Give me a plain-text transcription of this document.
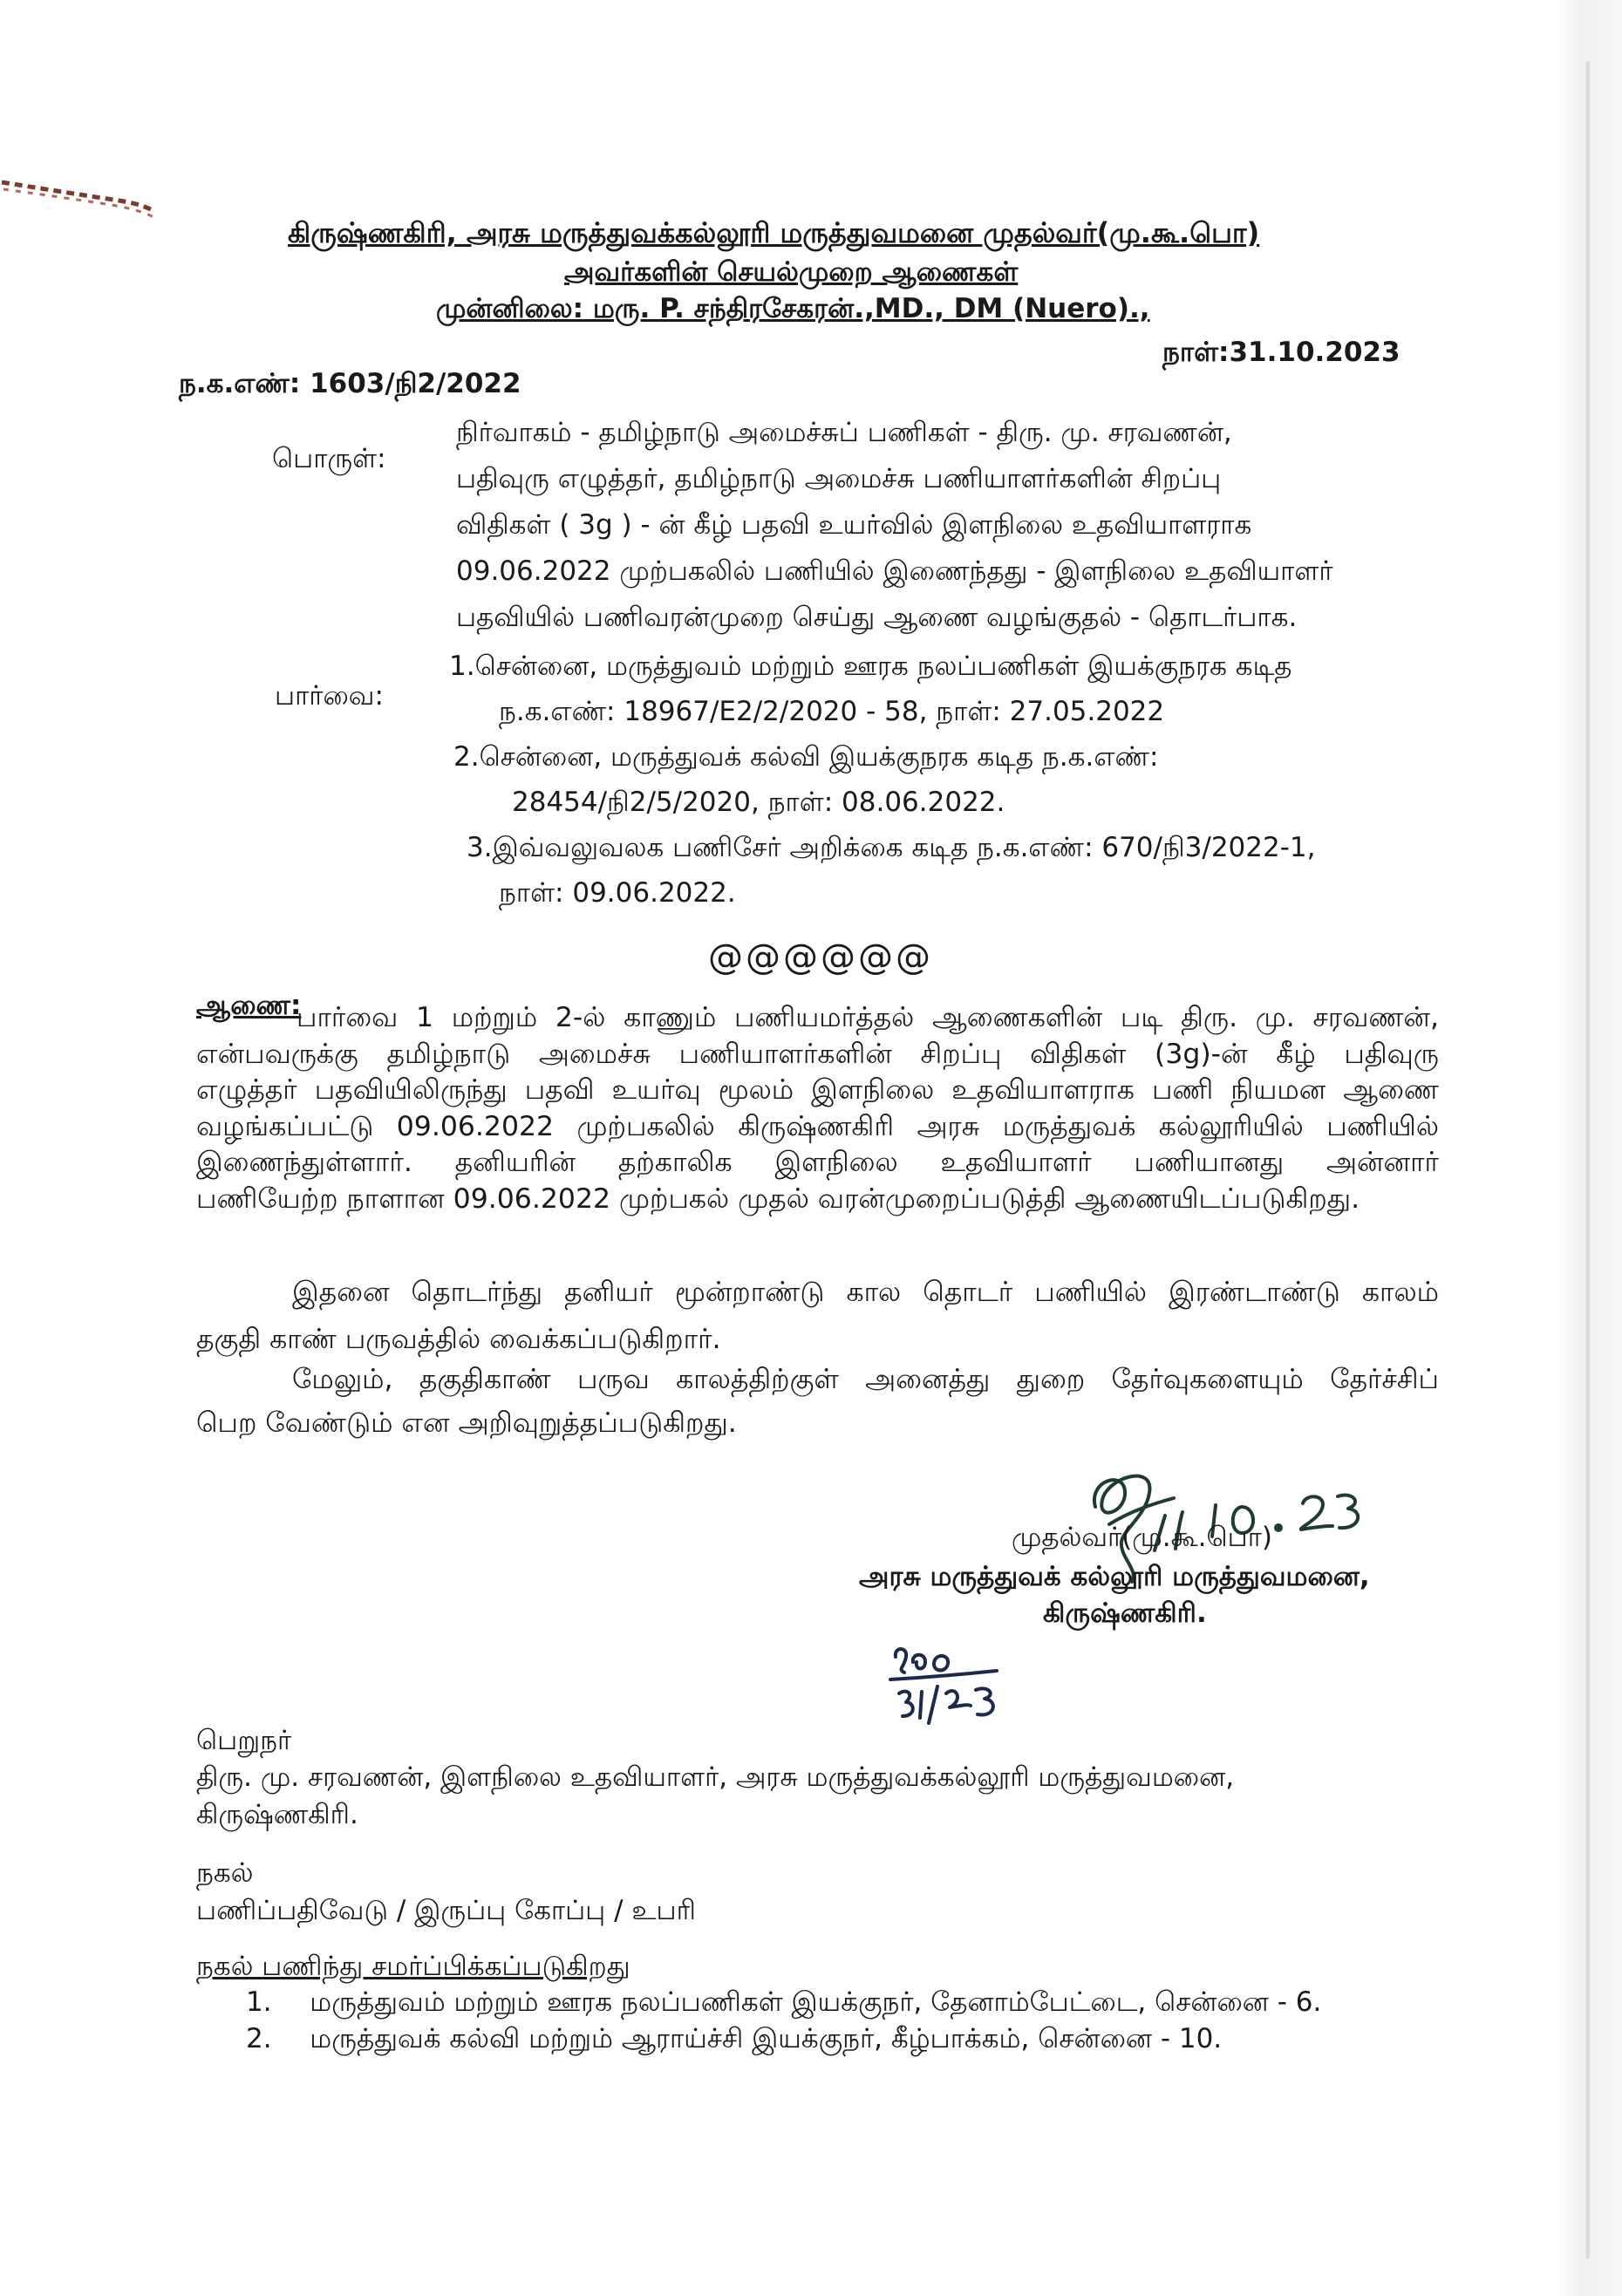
கிருஷ்ணகிரி, அரசு மருத்துவக்கல்லூரி மருத்துவமனை முதல்வர்(மு.கூ.பொ)
அவர்களின் செயல்முறை ஆணைகள்
முன்னிலை: மரு. P. சந்திரசேகரன்.,MD., DM (Nuero).,
நாள்:31.10.2023
ந.க.எண்: 1603/நி2/2022
பொருள்:
நிர்வாகம் - தமிழ்நாடு அமைச்சுப் பணிகள் - திரு. மு. சரவணன்,
பதிவுரு எழுத்தர், தமிழ்நாடு அமைச்சு பணியாளர்களின் சிறப்பு
விதிகள் ( 3g ) - ன் கீழ் பதவி உயர்வில் இளநிலை உதவியாளராக
09.06.2022 முற்பகலில் பணியில் இணைந்தது - இளநிலை உதவியாளர்
பதவியில் பணிவரன்முறை செய்து ஆணை வழங்குதல் - தொடர்பாக.
பார்வை:
1.சென்னை, மருத்துவம் மற்றும் ஊரக நலப்பணிகள் இயக்குநரக கடித
ந.க.எண்: 18967/E2/2/2020 - 58, நாள்: 27.05.2022
2.சென்னை, மருத்துவக் கல்வி இயக்குநரக கடித ந.க.எண்:
28454/நி2/5/2020, நாள்: 08.06.2022.
3.இவ்வலுவலக பணிசேர் அறிக்கை கடித ந.க.எண்: 670/நி3/2022-1,
நாள்: 09.06.2022.
@@@@@@
ஆணை:
பார்வை 1 மற்றும் 2-ல் காணும் பணியமர்த்தல் ஆணைகளின் படி திரு. மு. சரவணன்,
என்பவருக்கு தமிழ்நாடு அமைச்சு பணியாளர்களின் சிறப்பு விதிகள் (3g)-ன் கீழ் பதிவுரு
எழுத்தர் பதவியிலிருந்து பதவி உயர்வு மூலம் இளநிலை உதவியாளராக பணி நியமன ஆணை
வழங்கப்பட்டு 09.06.2022 முற்பகலில் கிருஷ்ணகிரி அரசு மருத்துவக் கல்லூரியில் பணியில்
இணைந்துள்ளார். தனியரின் தற்காலிக இளநிலை உதவியாளர் பணியானது அன்னார்
பணியேற்ற நாளான 09.06.2022 முற்பகல் முதல் வரன்முறைப்படுத்தி ஆணையிடப்படுகிறது.
இதனை தொடர்ந்து தனியர் மூன்றாண்டு கால தொடர் பணியில் இரண்டாண்டு காலம்
தகுதி காண் பருவத்தில் வைக்கப்படுகிறார்.
மேலும், தகுதிகாண் பருவ காலத்திற்குள் அனைத்து துறை தேர்வுகளையும் தேர்ச்சிப்
பெற வேண்டும் என அறிவுறுத்தப்படுகிறது.
முதல்வர்(மு.கூ.பொ)
அரசு மருத்துவக் கல்லூரி மருத்துவமனை,
கிருஷ்ணகிரி.
பெறுநர்
திரு. மு. சரவணன், இளநிலை உதவியாளர், அரசு மருத்துவக்கல்லூரி மருத்துவமனை,
கிருஷ்ணகிரி.
நகல்
பணிப்பதிவேடு / இருப்பு கோப்பு / உபரி
நகல் பணிந்து சமர்ப்பிக்கப்படுகிறது
1. மருத்துவம் மற்றும் ஊரக நலப்பணிகள் இயக்குநர், தேனாம்பேட்டை, சென்னை - 6.
2. மருத்துவக் கல்வி மற்றும் ஆராய்ச்சி இயக்குநர், கீழ்பாக்கம், சென்னை - 10.
